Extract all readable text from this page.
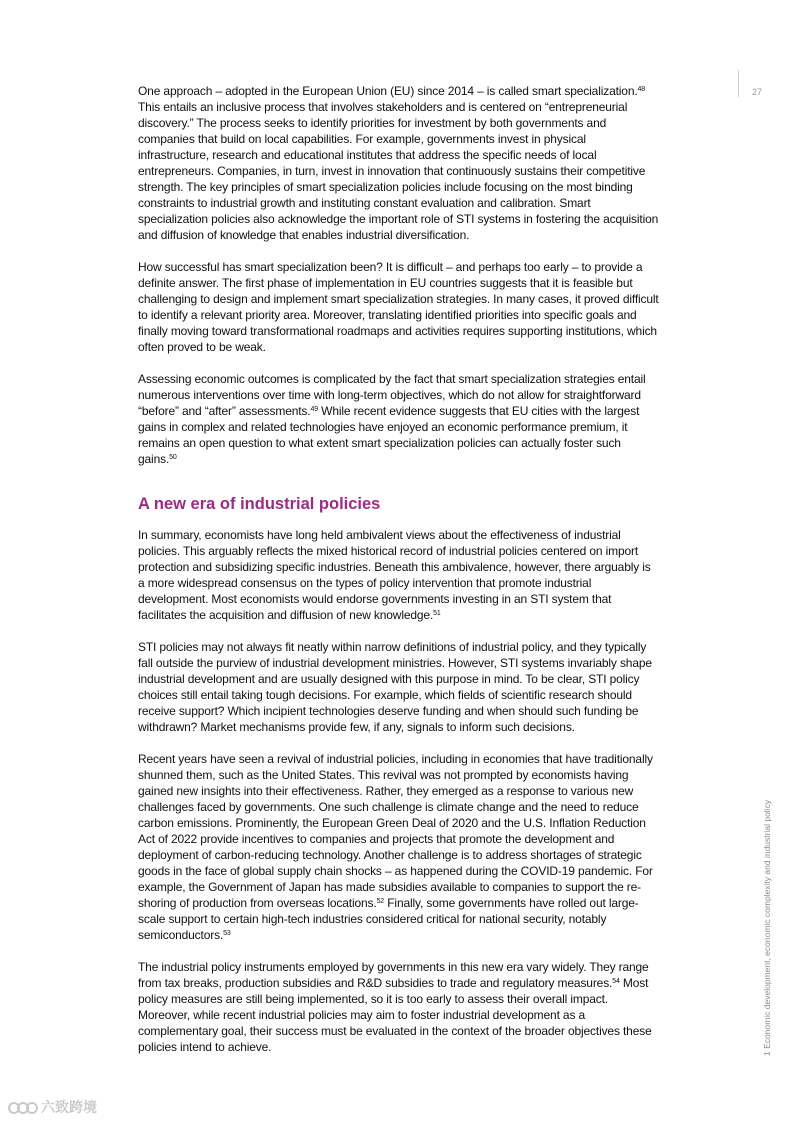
27

One approach – adopted in the European Union (EU) since 2014 – is called smart specialization.$^{48}$ This entails an inclusive process that involves stakeholders and is centered on “entrepreneurial discovery.” The process seeks to identify priorities for investment by both governments and companies that build on local capabilities. For example, governments invest in physical infrastructure, research and educational institutes that address the specific needs of local entrepreneurs. Companies, in turn, invest in innovation that continuously sustains their competitive strength. The key principles of smart specialization policies include focusing on the most binding constraints to industrial growth and instituting constant evaluation and calibration. Smart specialization policies also acknowledge the important role of STI systems in fostering the acquisition and diffusion of knowledge that enables industrial diversification.

How successful has smart specialization been? It is difficult – and perhaps too early – to provide a definite answer. The first phase of implementation in EU countries suggests that it is feasible but challenging to design and implement smart specialization strategies. In many cases, it proved difficult to identify a relevant priority area. Moreover, translating identified priorities into specific goals and finally moving toward transformational roadmaps and activities requires supporting institutions, which often proved to be weak.

Assessing economic outcomes is complicated by the fact that smart specialization strategies entail numerous interventions over time with long-term objectives, which do not allow for straightforward “before” and “after” assessments.$^{49}$ While recent evidence suggests that EU cities with the largest gains in complex and related technologies have enjoyed an economic performance premium, it remains an open question to what extent smart specialization policies can actually foster such gains.$^{50}$

A new era of industrial policies

In summary, economists have long held ambivalent views about the effectiveness of industrial policies. This arguably reflects the mixed historical record of industrial policies centered on import protection and subsidizing specific industries. Beneath this ambivalence, however, there arguably is a more widespread consensus on the types of policy intervention that promote industrial development. Most economists would endorse governments investing in an STI system that facilitates the acquisition and diffusion of new knowledge.$^{51}$

STI policies may not always fit neatly within narrow definitions of industrial policy, and they typically fall outside the purview of industrial development ministries. However, STI systems invariably shape industrial development and are usually designed with this purpose in mind. To be clear, STI policy choices still entail taking tough decisions. For example, which fields of scientific research should receive support? Which incipient technologies deserve funding and when should such funding be withdrawn? Market mechanisms provide few, if any, signals to inform such decisions.

Recent years have seen a revival of industrial policies, including in economies that have traditionally shunned them, such as the United States. This revival was not prompted by economists having gained new insights into their effectiveness. Rather, they emerged as a response to various new challenges faced by governments. One such challenge is climate change and the need to reduce carbon emissions. Prominently, the European Green Deal of 2020 and the U.S. Inflation Reduction Act of 2022 provide incentives to companies and projects that promote the development and deployment of carbon-reducing technology. Another challenge is to address shortages of strategic goods in the face of global supply chain shocks – as happened during the COVID-19 pandemic. For example, the Government of Japan has made subsidies available to companies to support the re-shoring of production from overseas locations.$^{52}$ Finally, some governments have rolled out large-scale support to certain high-tech industries considered critical for national security, notably semiconductors.$^{53}$

The industrial policy instruments employed by governments in this new era vary widely. They range from tax breaks, production subsidies and R&D subsidies to trade and regulatory measures.$^{54}$ Most policy measures are still being implemented, so it is too early to assess their overall impact. Moreover, while recent industrial policies may aim to foster industrial development as a complementary goal, their success must be evaluated in the context of the broader objectives these policies intend to achieve.	1 Economic development, economic complexity and industrial policy
六致跨境
